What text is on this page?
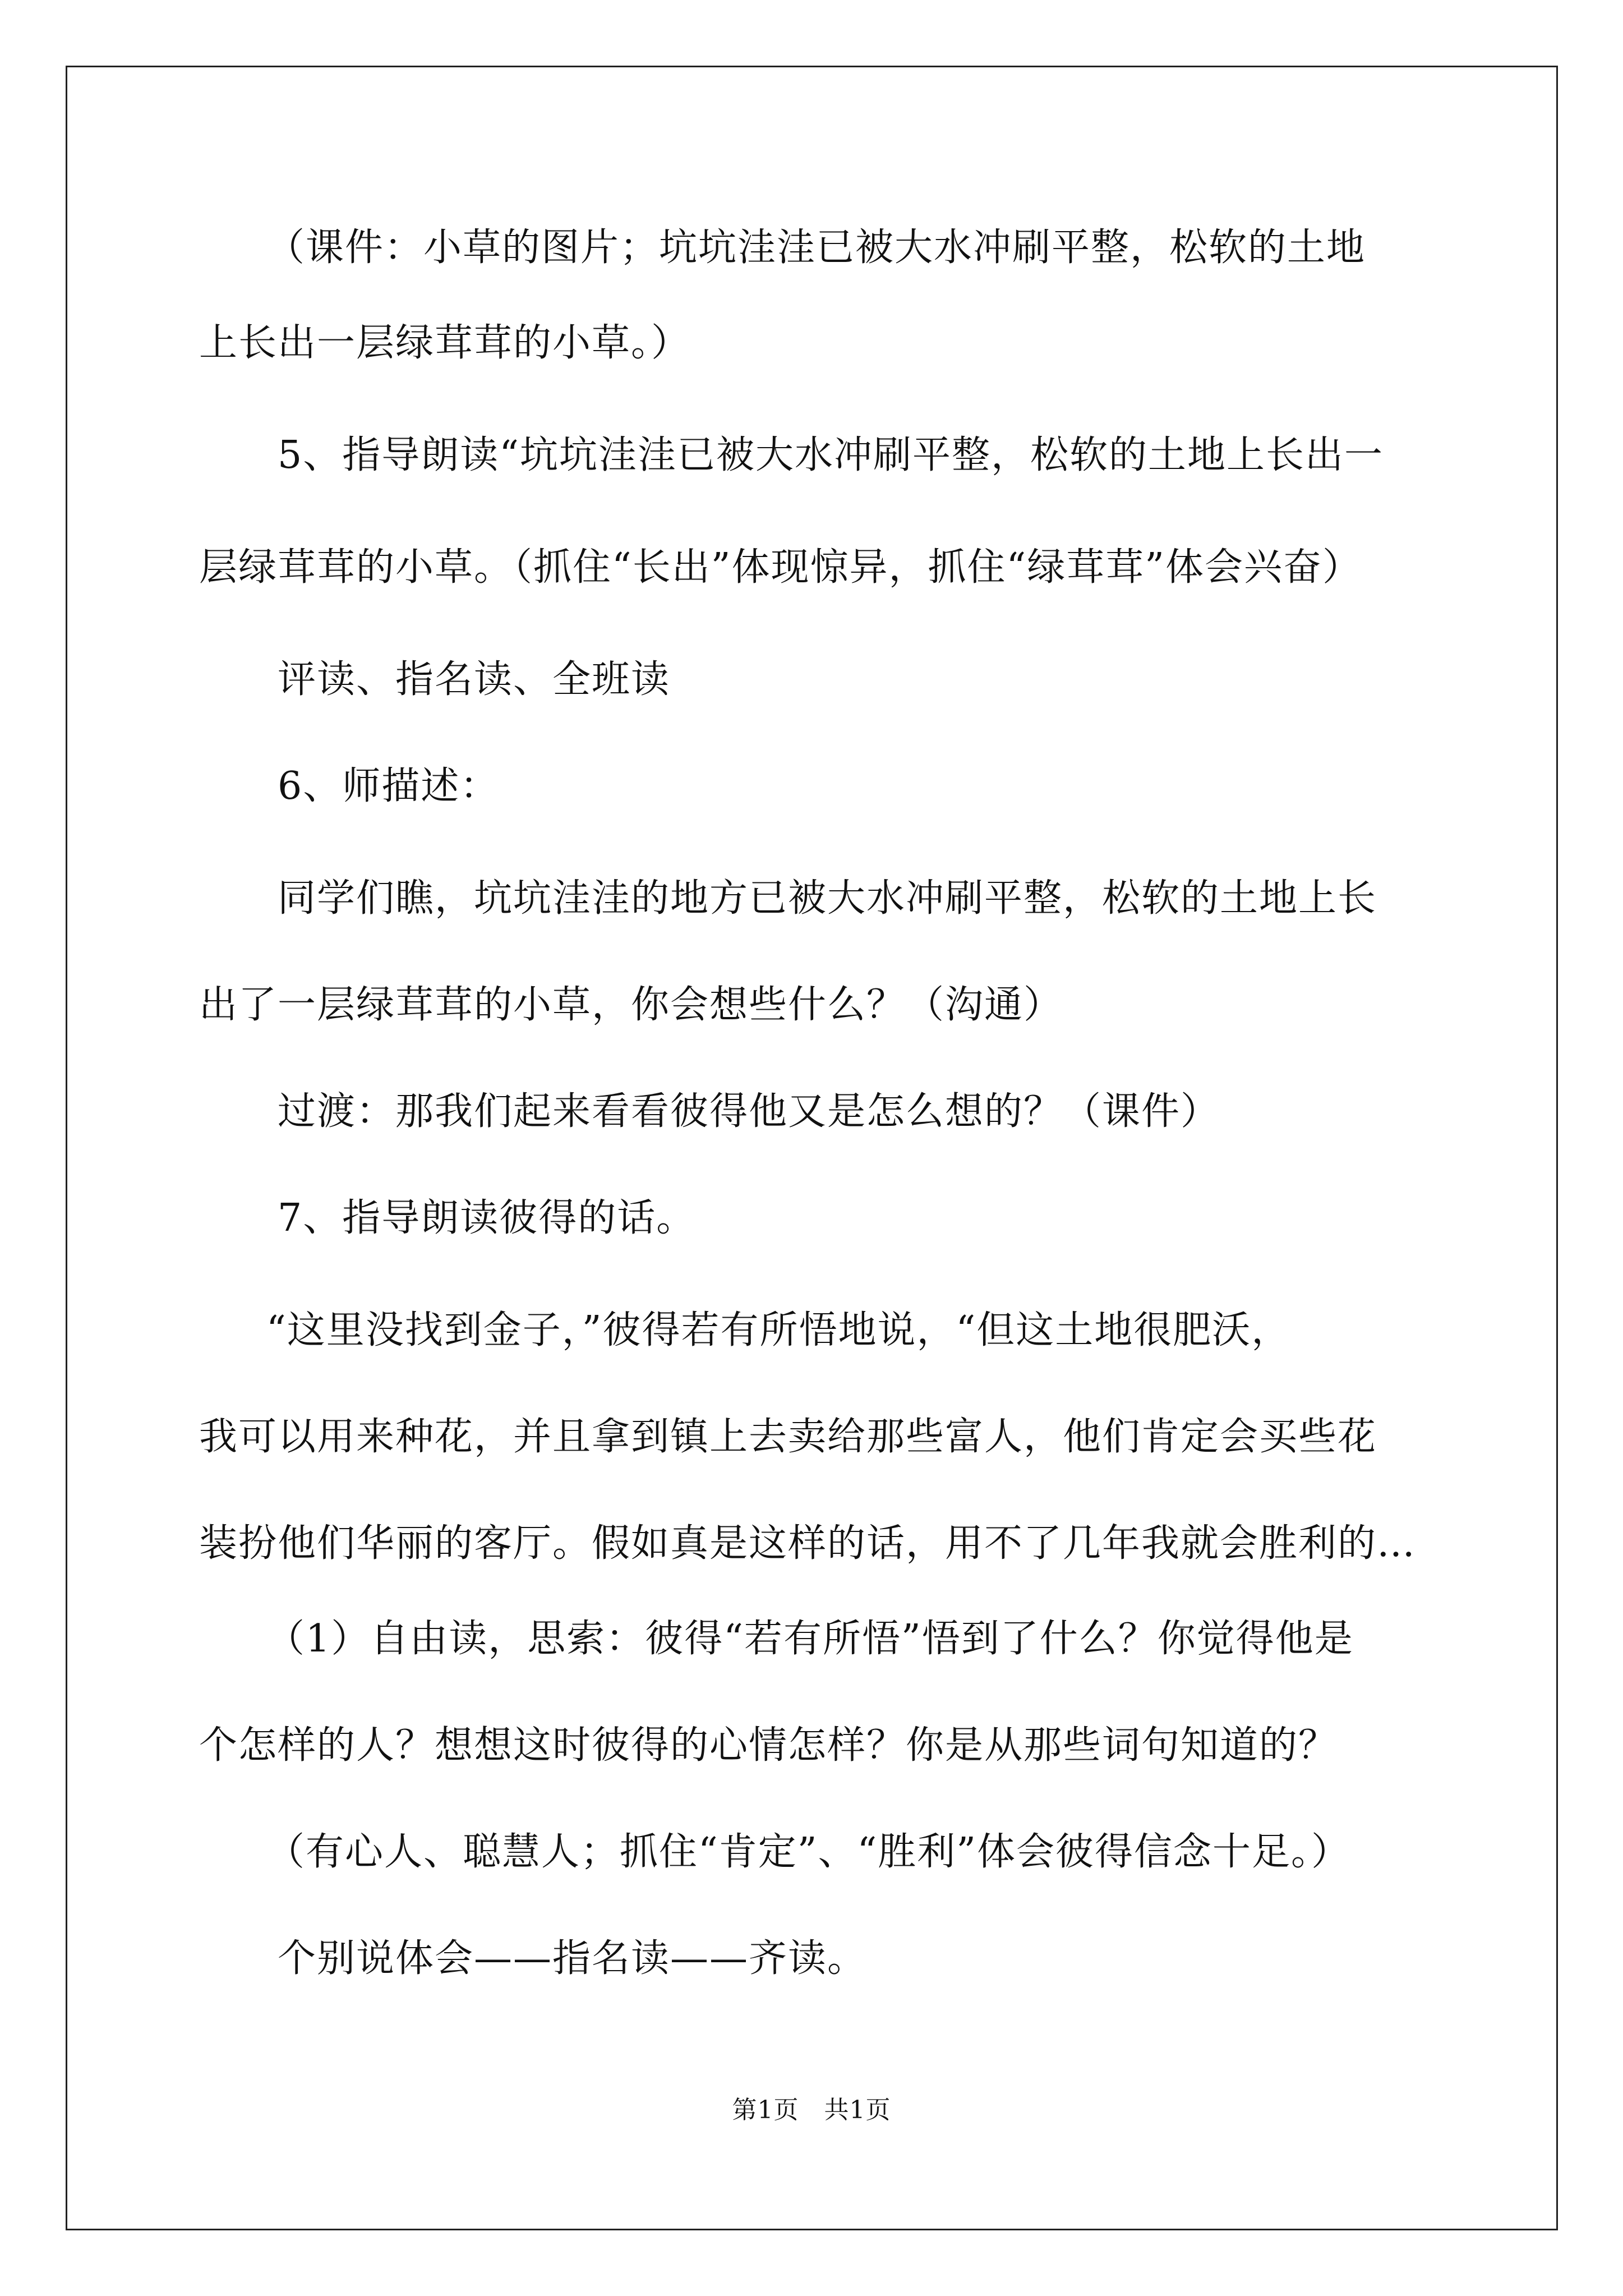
（课件：小草的图片；坑坑洼洼已被大水冲刷平整，松软的土地

上长出一层绿茸茸的小草。）

5、指导朗读“坑坑洼洼已被大水冲刷平整，松软的土地上长出一

层绿茸茸的小草。（抓住“长出”体现惊异，抓住“绿茸茸”体会兴奋）

评读、指名读、全班读

6、师描述：

同学们瞧，坑坑洼洼的地方已被大水冲刷平整，松软的土地上长

出了一层绿茸茸的小草，你会想些什么？（沟通）

过渡：那我们起来看看彼得他又是怎么想的？（课件）

7、指导朗读彼得的话。

“这里没找到金子，”彼得若有所悟地说，“但这土地很肥沃，

我可以用来种花，并且拿到镇上去卖给那些富人，他们肯定会买些花

装扮他们华丽的客厅。假如真是这样的话，用不了几年我就会胜利的…

（1）自由读，思索：彼得“若有所悟”悟到了什么？你觉得他是

个怎样的人？想想这时彼得的心情怎样？你是从那些词句知道的？

（有心人、聪慧人；抓住“肯定”、“胜利”体会彼得信念十足。）

个别说体会——指名读——齐读。

第1页　共1页
